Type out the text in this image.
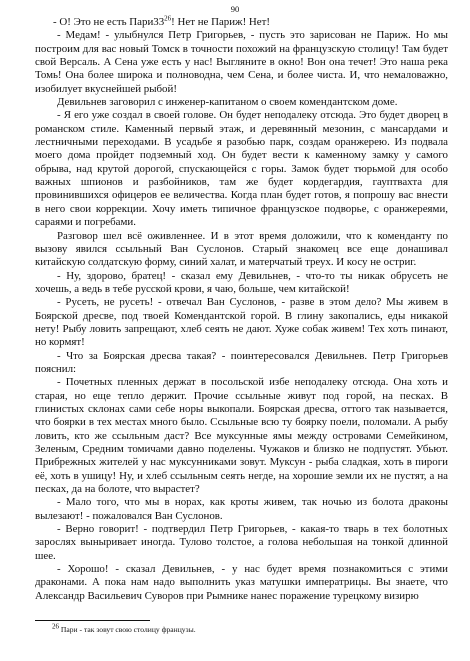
90

- О! Это не есть $Пари33^{26}$! Нет не Париж! Нет!

- Медам! - улыбнулся Петр Григорьев, - пусть это зарисован не Париж. Но мы построим для вас новый Томск в точности похожий на французскую столицу! Там будет свой Версаль. А Сена уже есть у нас! Выгляните в окно! Вон она течет! Это наша река Томь! Она более широка и полноводна, чем Сена, и более чиста. И, что немаловажно, изобилует вкуснейшей рыбой!

Девильнев заговорил с инженер-капитаном о своем комендантском доме.

- Я его уже создал в своей голове. Он будет неподалеку отсюда. Это будет дворец в романском стиле. Каменный первый этаж, и деревянный мезонин, с мансардами и лестничными переходами. В усадьбе я разобью парк, создам оранжерею. Из подвала моего дома пройдет подземный ход. Он будет вести к каменному замку у самого обрыва, над крутой дорогой, спускающейся с горы. Замок будет тюрьмой для особо важных шпионов и разбойников, там же будет кордегардия, гауптвахта для провинившихся офицеров ее величества. Когда план будет готов, я попрошу вас внести в него свои коррекции. Хочу иметь типичное французское подворье, с оранжереями, сараями и погребами.

Разговор шел всё оживленнее. И в этот время доложили, что к коменданту по вызову явился ссыльный Ван Суслонов. Старый знакомец все еще донашивал китайскую солдатскую форму, синий халат, и матерчатый треух. И косу не остриг.

- Ну, здорово, братец! - сказал ему Девильнев, - что-то ты никак обрусеть не хочешь, а ведь в тебе русской крови, я чаю, больше, чем китайской!

- Русеть, не русеть! - отвечал Ван Суслонов, - разве в этом дело? Мы живем в Боярской дресве, под твоей Комендантской горой. В глину закопались, еды никакой нету! Рыбу ловить запрещают, хлеб сеять не дают. Хуже собак живем! Тех хоть пинают, но кормят!

- Что за Боярская дресва такая? - поинтересовался Девильнев. Петр Григорьев пояснил:

- Почетных пленных держат в посольской избе неподалеку отсюда. Она хоть и старая, но еще тепло держит. Прочие ссыльные живут под горой, на песках. В глинистых склонах сами себе норы выкопали. Боярская дресва, оттого так называется, что боярки в тех местах много было. Ссыльные всю ту боярку поели, поломали. А рыбу ловить, кто же ссыльным даст? Все муксунные ямы между островами Семейкином, Зеленым, Средним томичами давно поделены. Чужаков и близко не подпустят. Убьют. Прибрежных жителей у нас муксунниками зовут. Муксун - рыба сладкая, хоть в пироги её, хоть в ушицу! Ну, и хлеб ссыльным сеять негде, на хорошие земли их не пустят, а на песках, да на болоте, что вырастет?

- Мало того, что мы в норах, как кроты живем, так ночью из болота драконы вылезают! - пожаловался Ван Суслонов.

- Верно говорит! - подтвердил Петр Григорьев, - какая-то тварь в тех болотных зарослях выныривает иногда. Тулово толстое, а голова небольшая на тонкой длинной шее.

- Хорошо! - сказал Девильнев, - у нас будет время познакомиться с этими драконами. А пока нам надо выполнить указ матушки императрицы. Вы знаете, что Александр Васильевич Суворов при Рымнике нанес поражение турецкому визирю

$^{26}$ Пари - так зовут свою столицу французы.
